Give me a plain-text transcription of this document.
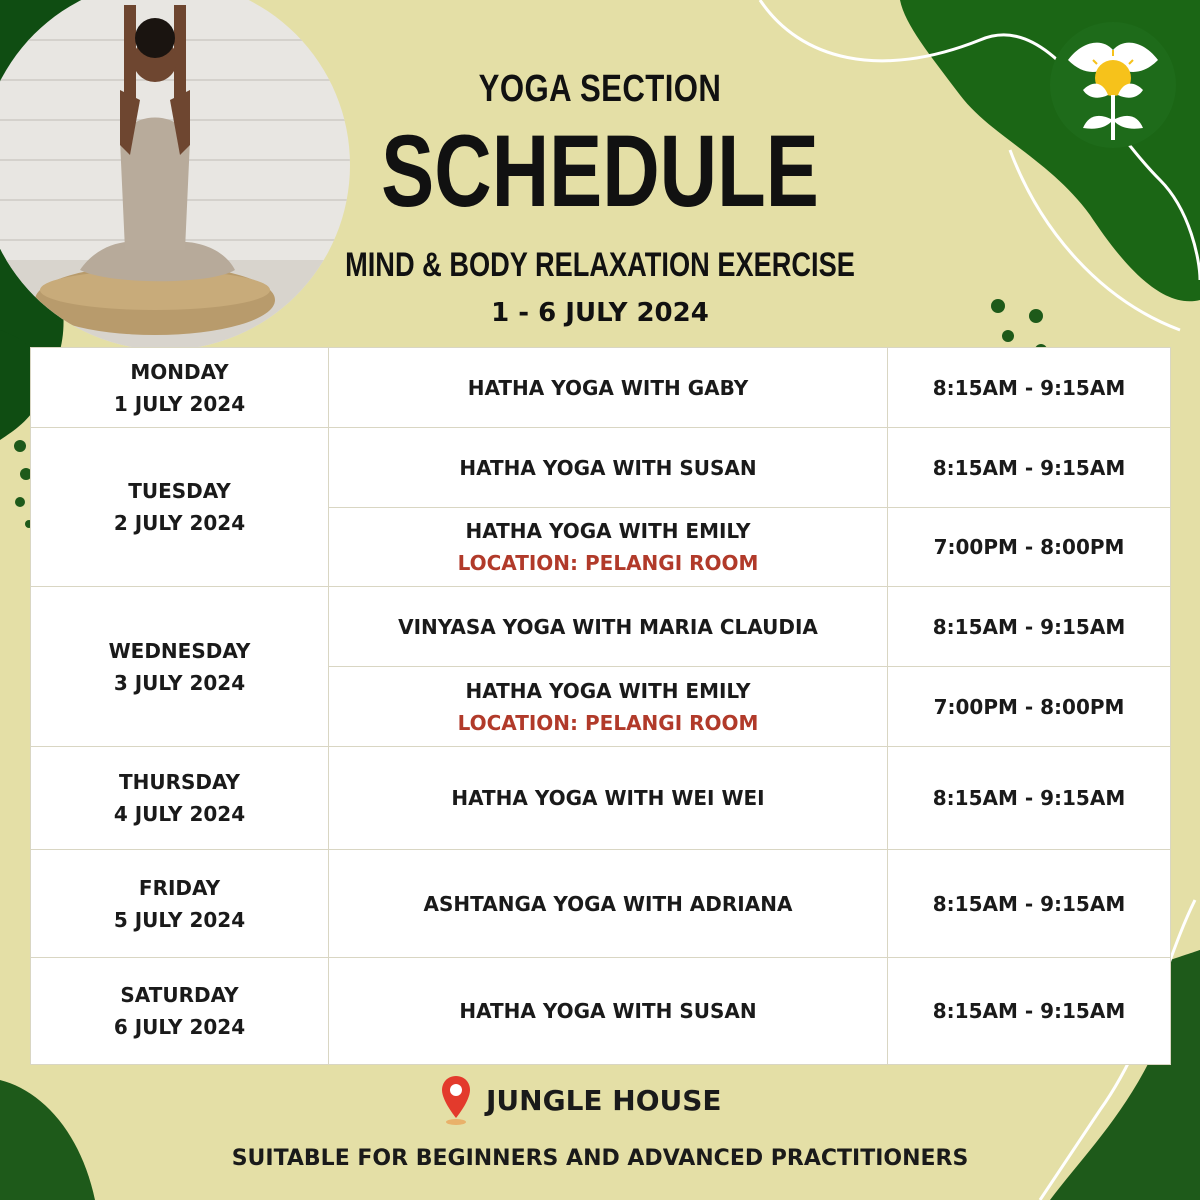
YOGA SECTION
SCHEDULE
MIND & BODY RELAXATION EXERCISE
1 - 6 JULY 2024
MONDAY
1 JULY 2024	HATHA YOGA WITH GABY	8:15AM - 9:15AM

TUESDAY
2 JULY 2024	HATHA YOGA WITH SUSAN	8:15AM - 9:15AM

	HATHA YOGA WITH EMILY
LOCATION: PELANGI ROOM	7:00PM - 8:00PM

WEDNESDAY
3 JULY 2024	VINYASA YOGA WITH MARIA CLAUDIA	8:15AM - 9:15AM

	HATHA YOGA WITH EMILY
LOCATION: PELANGI ROOM	7:00PM - 8:00PM

THURSDAY
4 JULY 2024	HATHA YOGA WITH WEI WEI	8:15AM - 9:15AM

FRIDAY
5 JULY 2024	ASHTANGA YOGA WITH ADRIANA	8:15AM - 9:15AM

SATURDAY
6 JULY 2024	HATHA YOGA WITH SUSAN	8:15AM - 9:15AM
JUNGLE HOUSE
SUITABLE FOR BEGINNERS AND ADVANCED PRACTITIONERS
